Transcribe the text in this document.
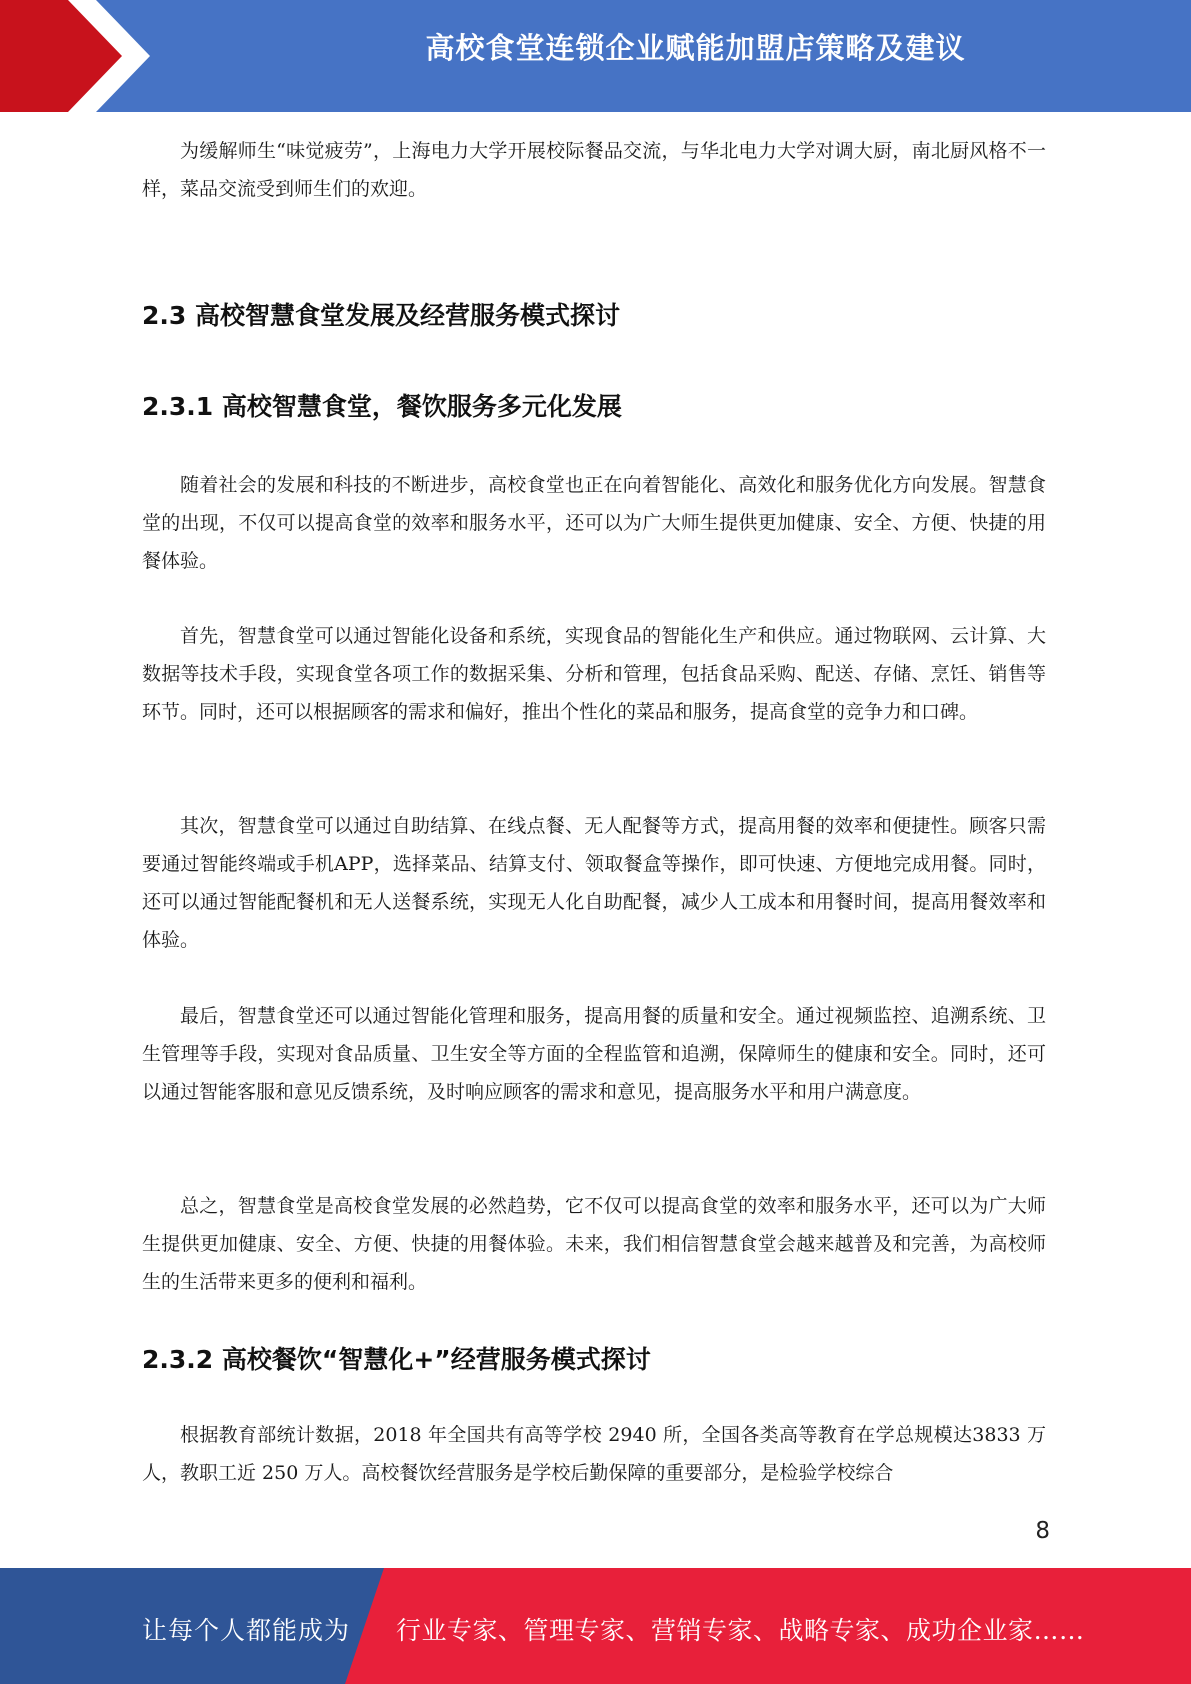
高校食堂连锁企业赋能加盟店策略及建议

为缓解师生“味觉疲劳”，上海电力大学开展校际餐品交流，与华北电力大学对调大厨，南北厨风格不一样，菜品交流受到师生们的欢迎。

2.3 高校智慧食堂发展及经营服务模式探讨
2.3.1 高校智慧食堂，餐饮服务多元化发展

随着社会的发展和科技的不断进步，高校食堂也正在向着智能化、高效化和服务优化方向发展。智慧食堂的出现，不仅可以提高食堂的效率和服务水平，还可以为广大师生提供更加健康、安全、方便、快捷的用餐体验。

首先，智慧食堂可以通过智能化设备和系统，实现食品的智能化生产和供应。通过物联网、云计算、大数据等技术手段，实现食堂各项工作的数据采集、分析和管理，包括食品采购、配送、存储、烹饪、销售等环节。同时，还可以根据顾客的需求和偏好，推出个性化的菜品和服务，提高食堂的竞争力和口碑。

其次，智慧食堂可以通过自助结算、在线点餐、无人配餐等方式，提高用餐的效率和便捷性。顾客只需要通过智能终端或手机APP，选择菜品、结算支付、领取餐盒等操作，即可快速、方便地完成用餐。同时，还可以通过智能配餐机和无人送餐系统，实现无人化自助配餐，减少人工成本和用餐时间，提高用餐效率和体验。

最后，智慧食堂还可以通过智能化管理和服务，提高用餐的质量和安全。通过视频监控、追溯系统、卫生管理等手段，实现对食品质量、卫生安全等方面的全程监管和追溯，保障师生的健康和安全。同时，还可以通过智能客服和意见反馈系统，及时响应顾客的需求和意见，提高服务水平和用户满意度。

总之，智慧食堂是高校食堂发展的必然趋势，它不仅可以提高食堂的效率和服务水平，还可以为广大师生提供更加健康、安全、方便、快捷的用餐体验。未来，我们相信智慧食堂会越来越普及和完善，为高校师生的生活带来更多的便利和福利。

2.3.2 高校餐饮“智慧化+”经营服务模式探讨

根据教育部统计数据，2018 年全国共有高等学校 2940 所，全国各类高等教育在学总规模达3833 万人，教职工近 250 万人。高校餐饮经营服务是学校后勤保障的重要部分，是检验学校综合

8
让每个人都能成为 行业专家、管理专家、营销专家、战略专家、成功企业家……
